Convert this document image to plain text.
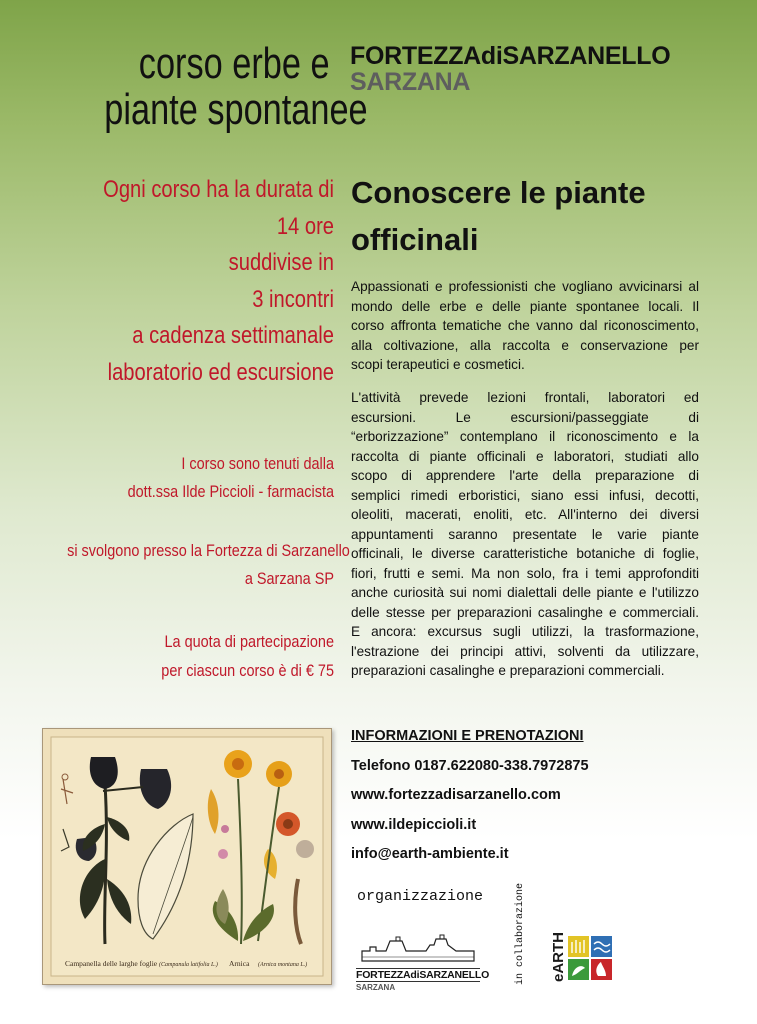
corso erbe e
piante spontanee
FORTEZZAdiSARZANELLO
SARZANA
Ogni corso ha la durata di
14 ore
suddivise in
3 incontri
a cadenza settimanale
laboratorio ed escursione
I corso sono tenuti dalla
dott.ssa Ilde Piccioli - farmacista
si svolgono presso la Fortezza di Sarzanello
a Sarzana SP
La quota di partecipazione
per ciascun corso è di € 75
Conoscere le piante
officinali
Appassionati e professionisti che vogliano avvicinarsi al
mondo delle erbe e delle piante spontanee locali. Il
corso affronta tematiche che vanno dal riconoscimento,
alla coltivazione, alla raccolta e conservazione per
scopi terapeutici e cosmetici.
L'attività prevede lezioni frontali, laboratori ed
escursioni. Le escursioni/passeggiate di
“erborizzazione” contemplano il riconoscimento e la
raccolta di piante officinali e laboratori, studiati allo
scopo di apprendere l'arte della preparazione di
semplici rimedi erboristici, siano essi infusi, decotti,
oleoliti, macerati, enoliti, etc. All'interno dei diversi
appuntamenti saranno presentate le varie piante
officinali, le diverse caratteristiche botaniche di foglie,
fiori, frutti e semi. Ma non solo, fra i temi approfonditi
anche curiosità sui nomi dialettali delle piante e l'utilizzo
delle stesse per preparazioni casalinghe e commerciali.
E ancora: excursus sugli utilizzi, la trasformazione,
l'estrazione dei principi attivi, solventi da utilizzare,
preparazioni casalinghe e preparazioni commerciali.
Campanella delle larghe foglie (Campanula latifolia L.) Arnica (Arnica montana L.)
INFORMAZIONI E PRENOTAZIONI
Telefono 0187.622080-338.7972875
www.fortezzadisarzanello.com
www.ildepiccioli.it
info@earth-ambiente.it
organizzazione
FORTEZZAdiSARZANELLO
SARZANA
in collaborazione eARTH
